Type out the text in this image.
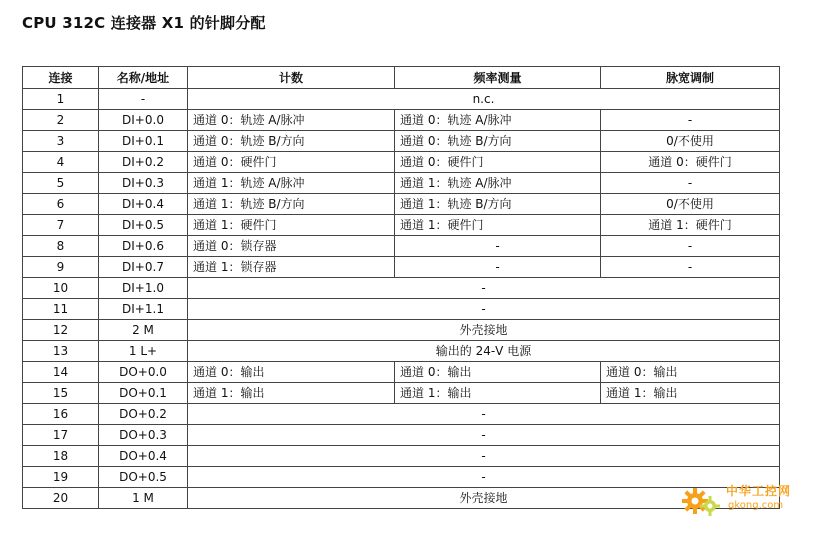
CPU 312C 连接器 X1 的针脚分配
连接	名称/地址	计数	频率测量	脉宽调制
1	-	n.c.		
2	DI+0.0	通道 0：轨迹 A/脉冲	通道 0：轨迹 A/脉冲	-
3	DI+0.1	通道 0：轨迹 B/方向	通道 0：轨迹 B/方向	0/不使用
4	DI+0.2	通道 0：硬件门	通道 0：硬件门	通道 0：硬件门
5	DI+0.3	通道 1：轨迹 A/脉冲	通道 1：轨迹 A/脉冲	-
6	DI+0.4	通道 1：轨迹 B/方向	通道 1：轨迹 B/方向	0/不使用
7	DI+0.5	通道 1：硬件门	通道 1：硬件门	通道 1：硬件门
8	DI+0.6	通道 0：锁存器	-	-
9	DI+0.7	通道 1：锁存器	-	-
10	DI+1.0	-		
11	DI+1.1	-		
12	2 M	外壳接地		
13	1 L+	输出的 24-V 电源		
14	DO+0.0	通道 0：输出	通道 0：输出	通道 0：输出
15	DO+0.1	通道 1：输出	通道 1：输出	通道 1：输出
16	DO+0.2	-		
17	DO+0.3	-		
18	DO+0.4	-		
19	DO+0.5	-		
20	1 M	外壳接地			中华工控网
gkong.com
